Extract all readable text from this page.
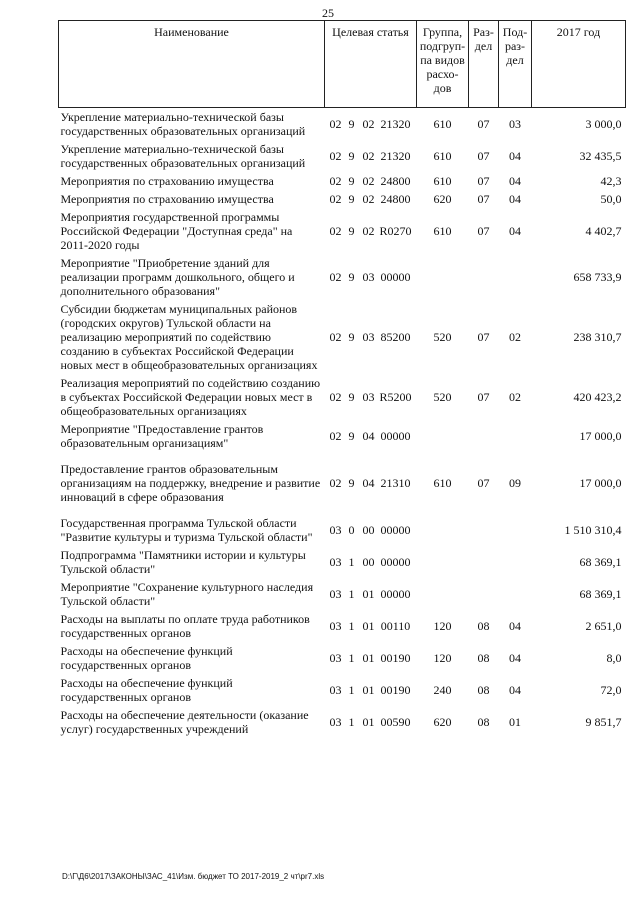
25
Наименование	Целевая статья	Группа, подгруп-па видов расхо-дов	Раз-дел	Под-раз-дел	2017 год
Укрепление материально-технической базы государственных образовательных организаций	02 9 02 21320	610	07	03	3 000,0
Укрепление материально-технической базы государственных образовательных организаций	02 9 02 21320	610	07	04	32 435,5
Мероприятия по страхованию имущества	02 9 02 24800	610	07	04	42,3
Мероприятия по страхованию имущества	02 9 02 24800	620	07	04	50,0
Мероприятия государственной программы Российской Федерации "Доступная среда" на 2011-2020 годы	02 9 02 R0270	610	07	04	4 402,7
Мероприятие "Приобретение зданий для реализации программ дошкольного, общего и дополнительного образования"	02 9 03 00000				658 733,9
Субсидии бюджетам муниципальных районов (городских округов) Тульской области на реализацию мероприятий по содействию созданию в субъектах Российской Федерации новых мест в общеобразовательных организациях	02 9 03 85200	520	07	02	238 310,7
Реализация мероприятий по содействию созданию в субъектах Российской Федерации новых мест в общеобразовательных организациях	02 9 03 R5200	520	07	02	420 423,2
Мероприятие "Предоставление грантов образовательным организациям"	02 9 04 00000				17 000,0

Предоставление грантов образовательным организациям на поддержку, внедрение и развитие инноваций в сфере образования	02 9 04 21310	610	07	09	17 000,0

Государственная программа Тульской области "Развитие культуры и туризма Тульской области"	03 0 00 00000				1 510 310,4
Подпрограмма "Памятники истории и культуры Тульской области"	03 1 00 00000				68 369,1
Мероприятие "Сохранение культурного наследия Тульской области"	03 1 01 00000				68 369,1
Расходы на выплаты по оплате труда работников государственных органов	03 1 01 00110	120	08	04	2 651,0
Расходы на обеспечение функций государственных органов	03 1 01 00190	120	08	04	8,0
Расходы на обеспечение функций государственных органов	03 1 01 00190	240	08	04	72,0
Расходы на обеспечение деятельности (оказание услуг) государственных учреждений	03 1 01 00590	620	08	01	9 851,7
D:\Г\Д6\2017\ЗАКОНЫ\ЗАС_41\Изм. бюджет ТО 2017-2019_2 чт\pr7.xls
